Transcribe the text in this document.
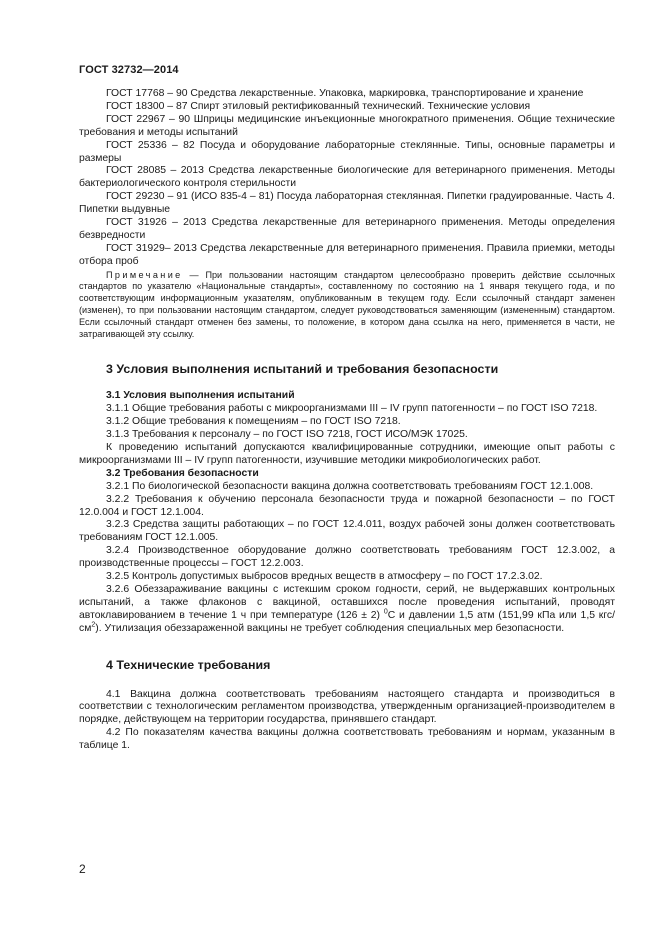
ГОСТ 32732—2014

ГОСТ 17768 – 90 Средства лекарственные. Упаковка, маркировка, транспортирование и хранение

ГОСТ 18300 – 87 Спирт этиловый ректификованный технический. Технические условия

ГОСТ 22967 – 90 Шприцы медицинские инъекционные многократного применения. Общие технические требования и методы испытаний

ГОСТ 25336 – 82 Посуда и оборудование лабораторные стеклянные. Типы, основные параметры и размеры

ГОСТ 28085 – 2013 Средства лекарственные биологические для ветеринарного применения. Методы бактериологического контроля стерильности

ГОСТ 29230 – 91 (ИСО 835-4 – 81) Посуда лабораторная стеклянная. Пипетки градуированные. Часть 4. Пипетки выдувные

ГОСТ 31926 – 2013 Средства лекарственные для ветеринарного применения. Методы определения безвредности

ГОСТ 31929– 2013 Средства лекарственные для ветеринарного применения. Правила приемки, методы отбора проб

Примечание — При пользовании настоящим стандартом целесообразно проверить действие ссылочных стандартов по указателю «Национальные стандарты», составленному по состоянию на 1 января текущего года, и по соответствующим информационным указателям, опубликованным в текущем году. Если ссылочный стандарт заменен (изменен), то при пользовании настоящим стандартом, следует руководствоваться заменяющим (измененным) стандартом. Если ссылочный стандарт отменен без замены, то положение, в котором дана ссылка на него, применяется в части, не затрагивающей эту ссылку.

3 Условия выполнения испытаний и требования безопасности
3.1 Условия выполнения испытаний

3.1.1 Общие требования работы с микроорганизмами III – IV групп патогенности – по ГОСТ ISO 7218.

3.1.2 Общие требования к помещениям – по ГОСТ ISO 7218.

3.1.3 Требования к персоналу – по ГОСТ ISO 7218, ГОСТ ИСО/МЭК 17025.

К проведению испытаний допускаются квалифицированные сотрудники, имеющие опыт работы с микроорганизмами III – IV групп патогенности, изучившие методики микробиологических работ.

3.2 Требования безопасности

3.2.1 По биологической безопасности вакцина должна соответствовать требованиям ГОСТ 12.1.008.

3.2.2 Требования к обучению персонала безопасности труда и пожарной безопасности – по ГОСТ 12.0.004 и ГОСТ 12.1.004.

3.2.3 Средства защиты работающих – по ГОСТ 12.4.011, воздух рабочей зоны должен соответствовать требованиям ГОСТ 12.1.005.

3.2.4 Производственное оборудование должно соответствовать требованиям ГОСТ 12.3.002, а производственные процессы – ГОСТ 12.2.003.

3.2.5 Контроль допустимых выбросов вредных веществ в атмосферу – по ГОСТ 17.2.3.02.

3.2.6 Обеззараживание вакцины с истекшим сроком годности, серий, не выдержавших контрольных испытаний, а также флаконов с вакциной, оставшихся после проведения испытаний, проводят автоклавированием в течение 1 ч при температуре (126 ± 2) $^0$С и давлении 1,5 атм (151,99 кПа или 1,5 кгс/$см^2$). Утилизация обеззараженной вакцины не требует соблюдения специальных мер безопасности.

4 Технические требования

4.1 Вакцина должна соответствовать требованиям настоящего стандарта и производиться в соответствии с технологическим регламентом производства, утвержденным организацией-производителем в порядке, действующем на территории государства, принявшего стандарт.

4.2 По показателям качества вакцины должна соответствовать требованиям и нормам, указанным в таблице 1.

2
